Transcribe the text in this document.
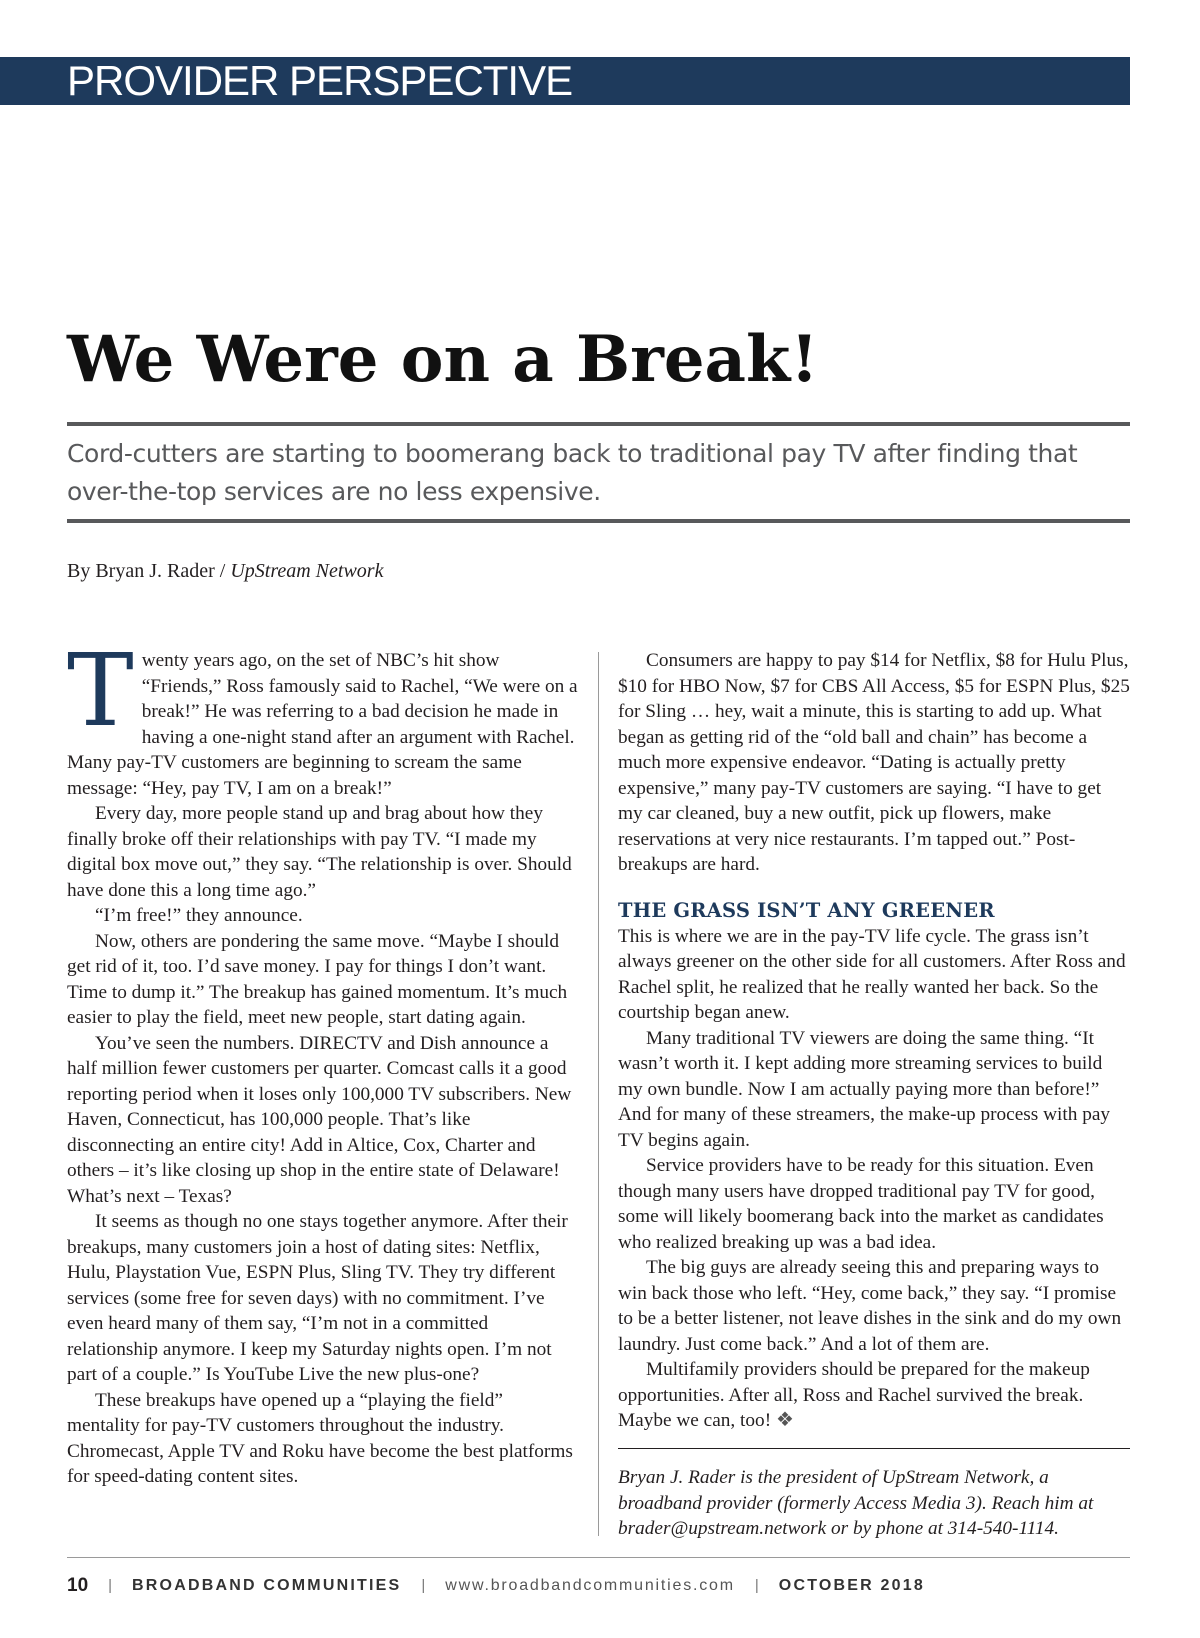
PROVIDER PERSPECTIVE
We Were on a Break!
Cord-cutters are starting to boomerang back to traditional pay TV after finding that over-the-top services are no less expensive.
By Bryan J. Rader / UpStream Network

Twenty years ago, on the set of NBC’s hit show “Friends,” Ross famously said to Rachel, “We were on a break!” He was referring to a bad decision he made in having a one-night stand after an argument with Rachel. Many pay-TV customers are beginning to scream the same message: “Hey, pay TV, I am on a break!”

Every day, more people stand up and brag about how they finally broke off their relationships with pay TV. “I made my digital box move out,” they say. “The relationship is over. Should have done this a long time ago.”

“I’m free!” they announce.

Now, others are pondering the same move. “Maybe I should get rid of it, too. I’d save money. I pay for things I don’t want. Time to dump it.” The breakup has gained momentum. It’s much easier to play the field, meet new people, start dating again.

You’ve seen the numbers. DIRECTV and Dish announce a half million fewer customers per quarter. Comcast calls it a good reporting period when it loses only 100,000 TV subscribers. New Haven, Connecticut, has 100,000 people. That’s like disconnecting an entire city! Add in Altice, Cox, Charter and others – it’s like closing up shop in the entire state of Delaware! What’s next – Texas?

It seems as though no one stays together anymore. After their breakups, many customers join a host of dating sites: Netflix, Hulu, Playstation Vue, ESPN Plus, Sling TV. They try different services (some free for seven days) with no commitment. I’ve even heard many of them say, “I’m not in a committed relationship anymore. I keep my Saturday nights open. I’m not part of a couple.” Is YouTube Live the new plus-one?

These breakups have opened up a “playing the field” mentality for pay-TV customers throughout the industry. Chromecast, Apple TV and Roku have become the best platforms for speed-dating content sites.

Consumers are happy to pay $14 for Netflix, $8 for Hulu Plus, $10 for HBO Now, $7 for CBS All Access, $5 for ESPN Plus, $25 for Sling … hey, wait a minute, this is starting to add up. What began as getting rid of the “old ball and chain” has become a much more expensive endeavor. “Dating is actually pretty expensive,” many pay-TV customers are saying. “I have to get my car cleaned, buy a new outfit, pick up flowers, make reservations at very nice restaurants. I’m tapped out.” Post-breakups are hard.

THE GRASS ISN’T ANY GREENER

This is where we are in the pay-TV life cycle. The grass isn’t always greener on the other side for all customers. After Ross and Rachel split, he realized that he really wanted her back. So the courtship began anew.

Many traditional TV viewers are doing the same thing. “It wasn’t worth it. I kept adding more streaming services to build my own bundle. Now I am actually paying more than before!” And for many of these streamers, the make-up process with pay TV begins again.

Service providers have to be ready for this situation. Even though many users have dropped traditional pay TV for good, some will likely boomerang back into the market as candidates who realized breaking up was a bad idea.

The big guys are already seeing this and preparing ways to win back those who left. “Hey, come back,” they say. “I promise to be a better listener, not leave dishes in the sink and do my own laundry. Just come back.” And a lot of them are.

Multifamily providers should be prepared for the makeup opportunities. After all, Ross and Rachel survived the break. Maybe we can, too! ❖

Bryan J. Rader is the president of UpStream Network, a broadband provider (formerly Access Media 3). Reach him at brader@upstream.network or by phone at 314-540-1114.
10 | BROADBAND COMMUNITIES | www.broadbandcommunities.com | OCTOBER 2018
